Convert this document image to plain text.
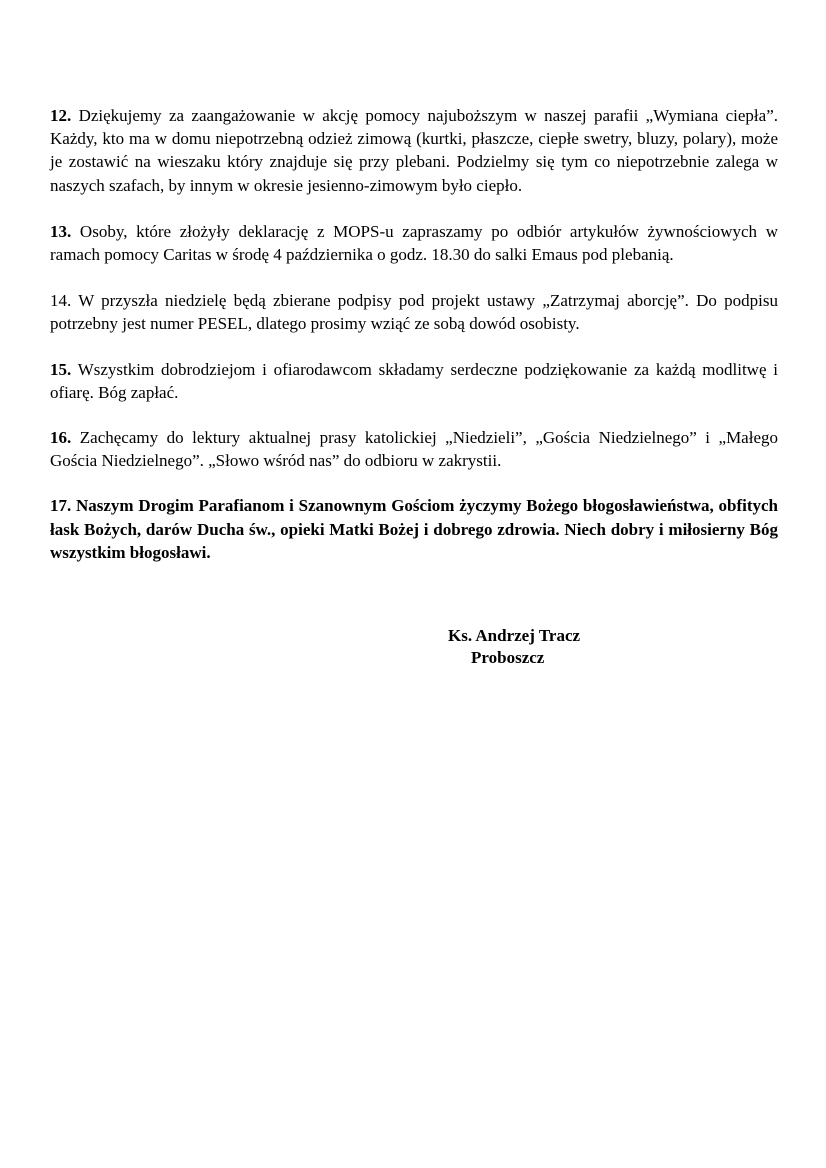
12. Dziękujemy za zaangażowanie w akcję pomocy najuboższym w naszej parafii „Wymiana ciepła”. Każdy, kto ma w domu niepotrzebną odzież zimową (kurtki, płaszcze, ciepłe swetry, bluzy, polary), może je zostawić na wieszaku który znajduje się przy plebani. Podzielmy się tym co niepotrzebnie zalega w naszych szafach, by innym w okresie jesienno-zimowym było ciepło.

13. Osoby, które złożyły deklarację z MOPS-u zapraszamy po odbiór artykułów żywnościowych w ramach pomocy Caritas w środę 4 października o godz. 18.30 do salki Emaus pod plebanią.

14. W przyszła niedzielę będą zbierane podpisy pod projekt ustawy „Zatrzymaj aborcję”. Do podpisu potrzebny jest numer PESEL, dlatego prosimy wziąć ze sobą dowód osobisty.

15. Wszystkim dobrodziejom i ofiarodawcom składamy serdeczne podziękowanie za każdą modlitwę i ofiarę. Bóg zapłać.

16. Zachęcamy do lektury aktualnej prasy katolickiej „Niedzieli”, „Gościa Niedzielnego” i „Małego Gościa Niedzielnego”. „Słowo wśród nas” do odbioru w zakrystii.

17. Naszym Drogim Parafianom i Szanownym Gościom życzymy Bożego błogosławieństwa, obfitych łask Bożych, darów Ducha św., opieki Matki Bożej i dobrego zdrowia. Niech dobry i miłosierny Bóg wszystkim błogosławi.

Ks. Andrzej Tracz
Proboszcz
